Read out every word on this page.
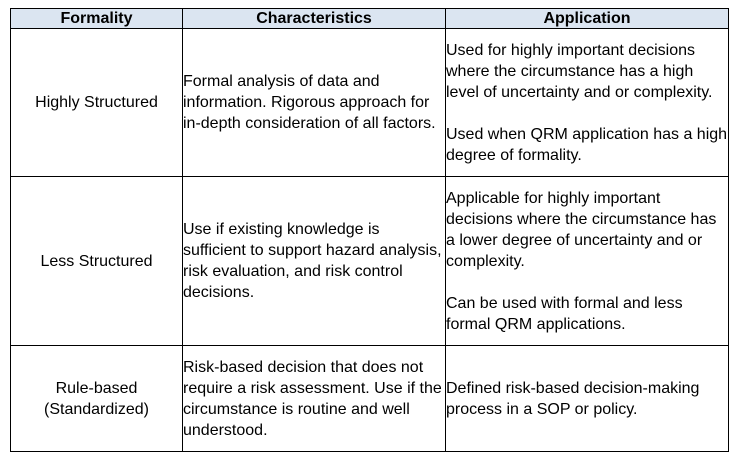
Formality	Characteristics	Application
Highly Structured	Formal analysis of data and information. Rigorous approach for in-depth consideration of all factors.	Used for highly important decisions where the circumstance has a high level of uncertainty and or complexity.
Used when QRM application has a high degree of formality.

Less Structured	Use if existing knowledge is sufficient to support hazard analysis, risk evaluation, and risk control decisions.	Applicable for highly important decisions where the circumstance has a lower degree of uncertainty and or complexity.
Can be used with formal and less formal QRM applications.

Rule-based (Standardized)	Risk-based decision that does not require a risk assessment. Use if the circumstance is routine and well understood.	Defined risk-based decision-making process in a SOP or policy.
